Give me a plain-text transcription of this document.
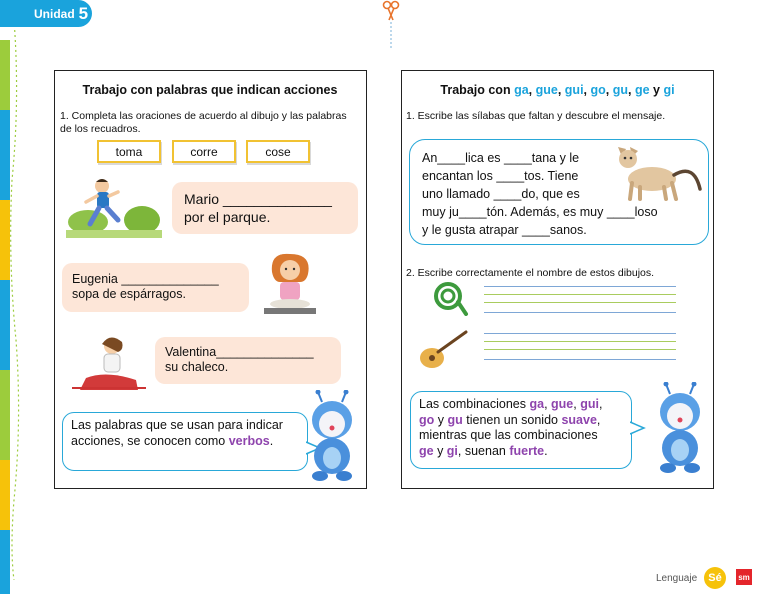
Unidad 5
Trabajo con palabras que indican acciones
1. Completa las oraciones de acuerdo al dibujo y las palabras de los recuadros.
toma	corre	cose
Mario ______________
por el parque.
Eugenia ______________
sopa de espárragos.
Valentina______________
su chaleco.
Las palabras que se usan para indicar acciones, se conocen como verbos.
Trabajo con ga, gue, gui, go, gu, ge y gi
1. Escribe las sílabas que faltan y descubre el mensaje.
An____lica es ____tana y le
encantan los ____tos. Tiene
uno llamado ____do, que es
muy ju____tón. Además, es muy ____loso
y le gusta atrapar ____sanos.
2. Escribe correctamente el nombre de estos dibujos.
Las combinaciones ga, gue, gui,
go y gu tienen un sonido suave,
mientras que las combinaciones
ge y gi, suenan fuerte.
Lenguaje	Sé	sm
